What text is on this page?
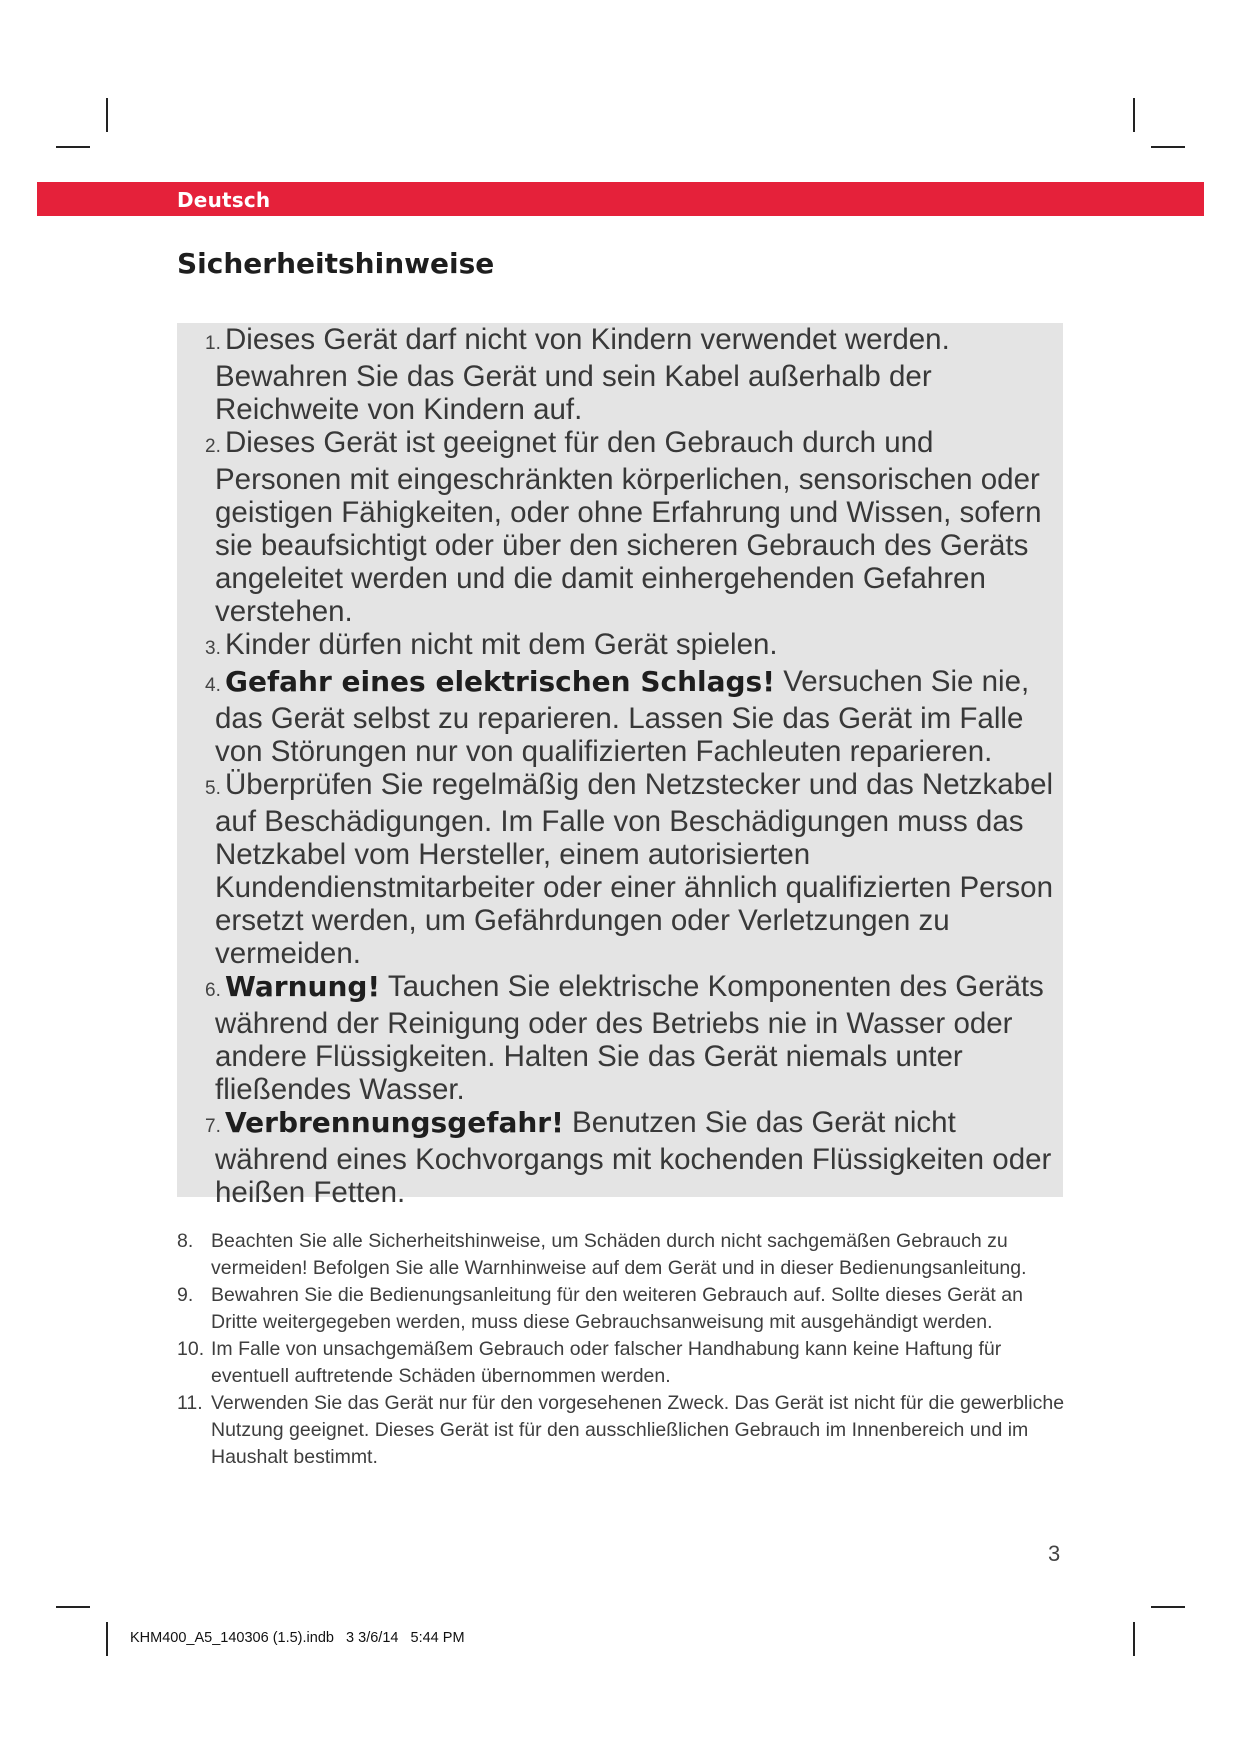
Deutsch
Sicherheitshinweise
1. Dieses Gerät darf nicht von Kindern verwendet werden. Bewahren Sie das Gerät und sein Kabel außerhalb der Reichweite von Kindern auf.
2. Dieses Gerät ist geeignet für den Gebrauch durch und Personen mit eingeschränkten körperlichen, sensorischen oder geistigen Fähigkeiten, oder ohne Erfahrung und Wissen, sofern sie beaufsichtigt oder über den sicheren Gebrauch des Geräts angeleitet werden und die damit einhergehenden Gefahren verstehen.
3. Kinder dürfen nicht mit dem Gerät spielen.
4. Gefahr eines elektrischen Schlags! Versuchen Sie nie, das Gerät selbst zu reparieren. Lassen Sie das Gerät im Falle von Störungen nur von qualifizierten Fachleuten reparieren.
5. Überprüfen Sie regelmäßig den Netzstecker und das Netzkabel auf Beschädigungen. Im Falle von Beschädigungen muss das Netzkabel vom Hersteller, einem autorisierten Kundendienstmitarbeiter oder einer ähnlich qualifizierten Person ersetzt werden, um Gefährdungen oder Verletzungen zu vermeiden.
6. Warnung! Tauchen Sie elektrische Komponenten des Geräts während der Reinigung oder des Betriebs nie in Wasser oder andere Flüssigkeiten. Halten Sie das Gerät niemals unter fließendes Wasser.
7. Verbrennungsgefahr! Benutzen Sie das Gerät nicht während eines Kochvorgangs mit kochenden Flüssigkeiten oder heißen Fetten.
8. Beachten Sie alle Sicherheitshinweise, um Schäden durch nicht sachgemäßen Gebrauch zu vermeiden! Befolgen Sie alle Warnhinweise auf dem Gerät und in dieser Bedienungsanleitung.
9. Bewahren Sie die Bedienungsanleitung für den weiteren Gebrauch auf. Sollte dieses Gerät an Dritte weitergegeben werden, muss diese Gebrauchsanweisung mit ausgehändigt werden.
10. Im Falle von unsachgemäßem Gebrauch oder falscher Handhabung kann keine Haftung für eventuell auftretende Schäden übernommen werden.
11. Verwenden Sie das Gerät nur für den vorgesehenen Zweck. Das Gerät ist nicht für die gewerbliche Nutzung geeignet. Dieses Gerät ist für den ausschließlichen Gebrauch im Innenbereich und im Haushalt bestimmt.
3
KHM400_A5_140306 (1.5).indb   3 3/6/14   5:44 PM
